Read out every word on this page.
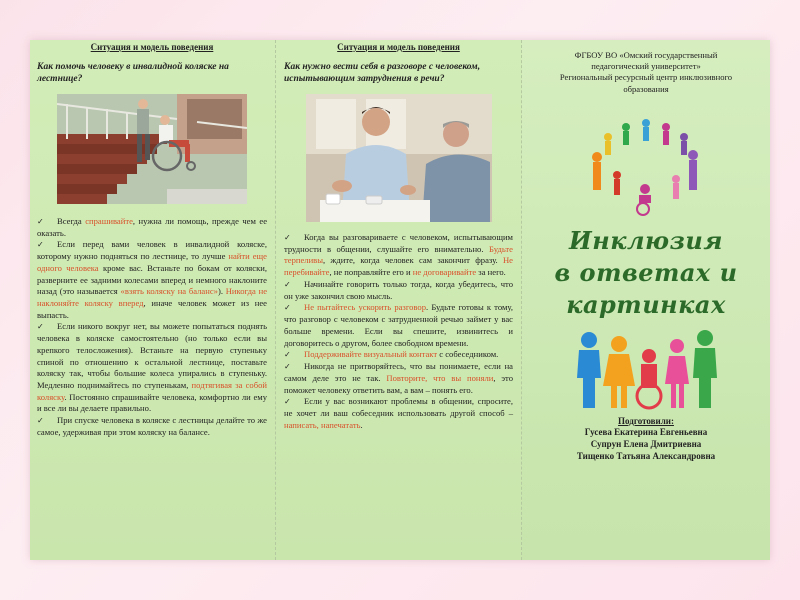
Ситуация и модель поведения
Как помочь человеку в инвалидной коляске на лестнице?

✓ Всегда спрашивайте, нужна ли помощь, прежде чем ее оказать.

✓ Если перед вами человек в инвалидной коляске, которому нужно подняться по лестнице, то лучше найти еще одного человека кроме вас. Встаньте по бокам от коляски, разверните ее задними колесами вперед и немного наклоните назад (это называется «взять коляску на баланс»). Никогда не наклоняйте коляску вперед, иначе человек может из нее выпасть.

✓ Если никого вокруг нет, вы можете попытаться поднять человека в коляске самостоятельно (но только если вы крепкого телосложения). Встаньте на первую ступеньку спиной по отношению к остальной лестнице, поставьте коляску так, чтобы большие колеса упирались в ступеньку. Медленно поднимайтесь по ступенькам, подтягивая за собой коляску. Постоянно спрашивайте человека, комфортно ли ему и все ли вы делаете правильно.

✓ При спуске человека в коляске с лестницы делайте то же самое, удерживая при этом коляску на балансе.

Ситуация и модель поведения
Как нужно вести себя в разговоре с человеком, испытывающим затруднения в речи?

✓ Когда вы разговариваете с человеком, испытывающим трудности в общении, слушайте его внимательно. Будьте терпеливы, ждите, когда человек сам закончит фразу. Не перебивайте, не поправляйте его и не договаривайте за него.

✓ Начинайте говорить только тогда, когда убедитесь, что он уже закончил свою мысль.

✓ Не пытайтесь ускорить разговор. Будьте готовы к тому, что разговор с человеком с затрудненной речью займет у вас больше времени. Если вы спешите, извинитесь и договоритесь о другом, более свободном времени.

✓ Поддерживайте визуальный контакт с собеседником.

✓ Никогда не притворяйтесь, что вы понимаете, если на самом деле это не так. Повторите, что вы поняли, это поможет человеку ответить вам, а вам – понять его.

✓ Если у вас возникают проблемы в общении, спросите, не хочет ли ваш собеседник использовать другой способ – написать, напечатать.

ФГБОУ ВО «Омский государственный
педагогический университет»
Региональный ресурсный центр инклюзивного
образования
Инклюзия
в ответах и
картинках
Подготовили:
Гусева Екатерина Евгеньевна
Супрун Елена Дмитриевна
Тищенко Татьяна Александровна
